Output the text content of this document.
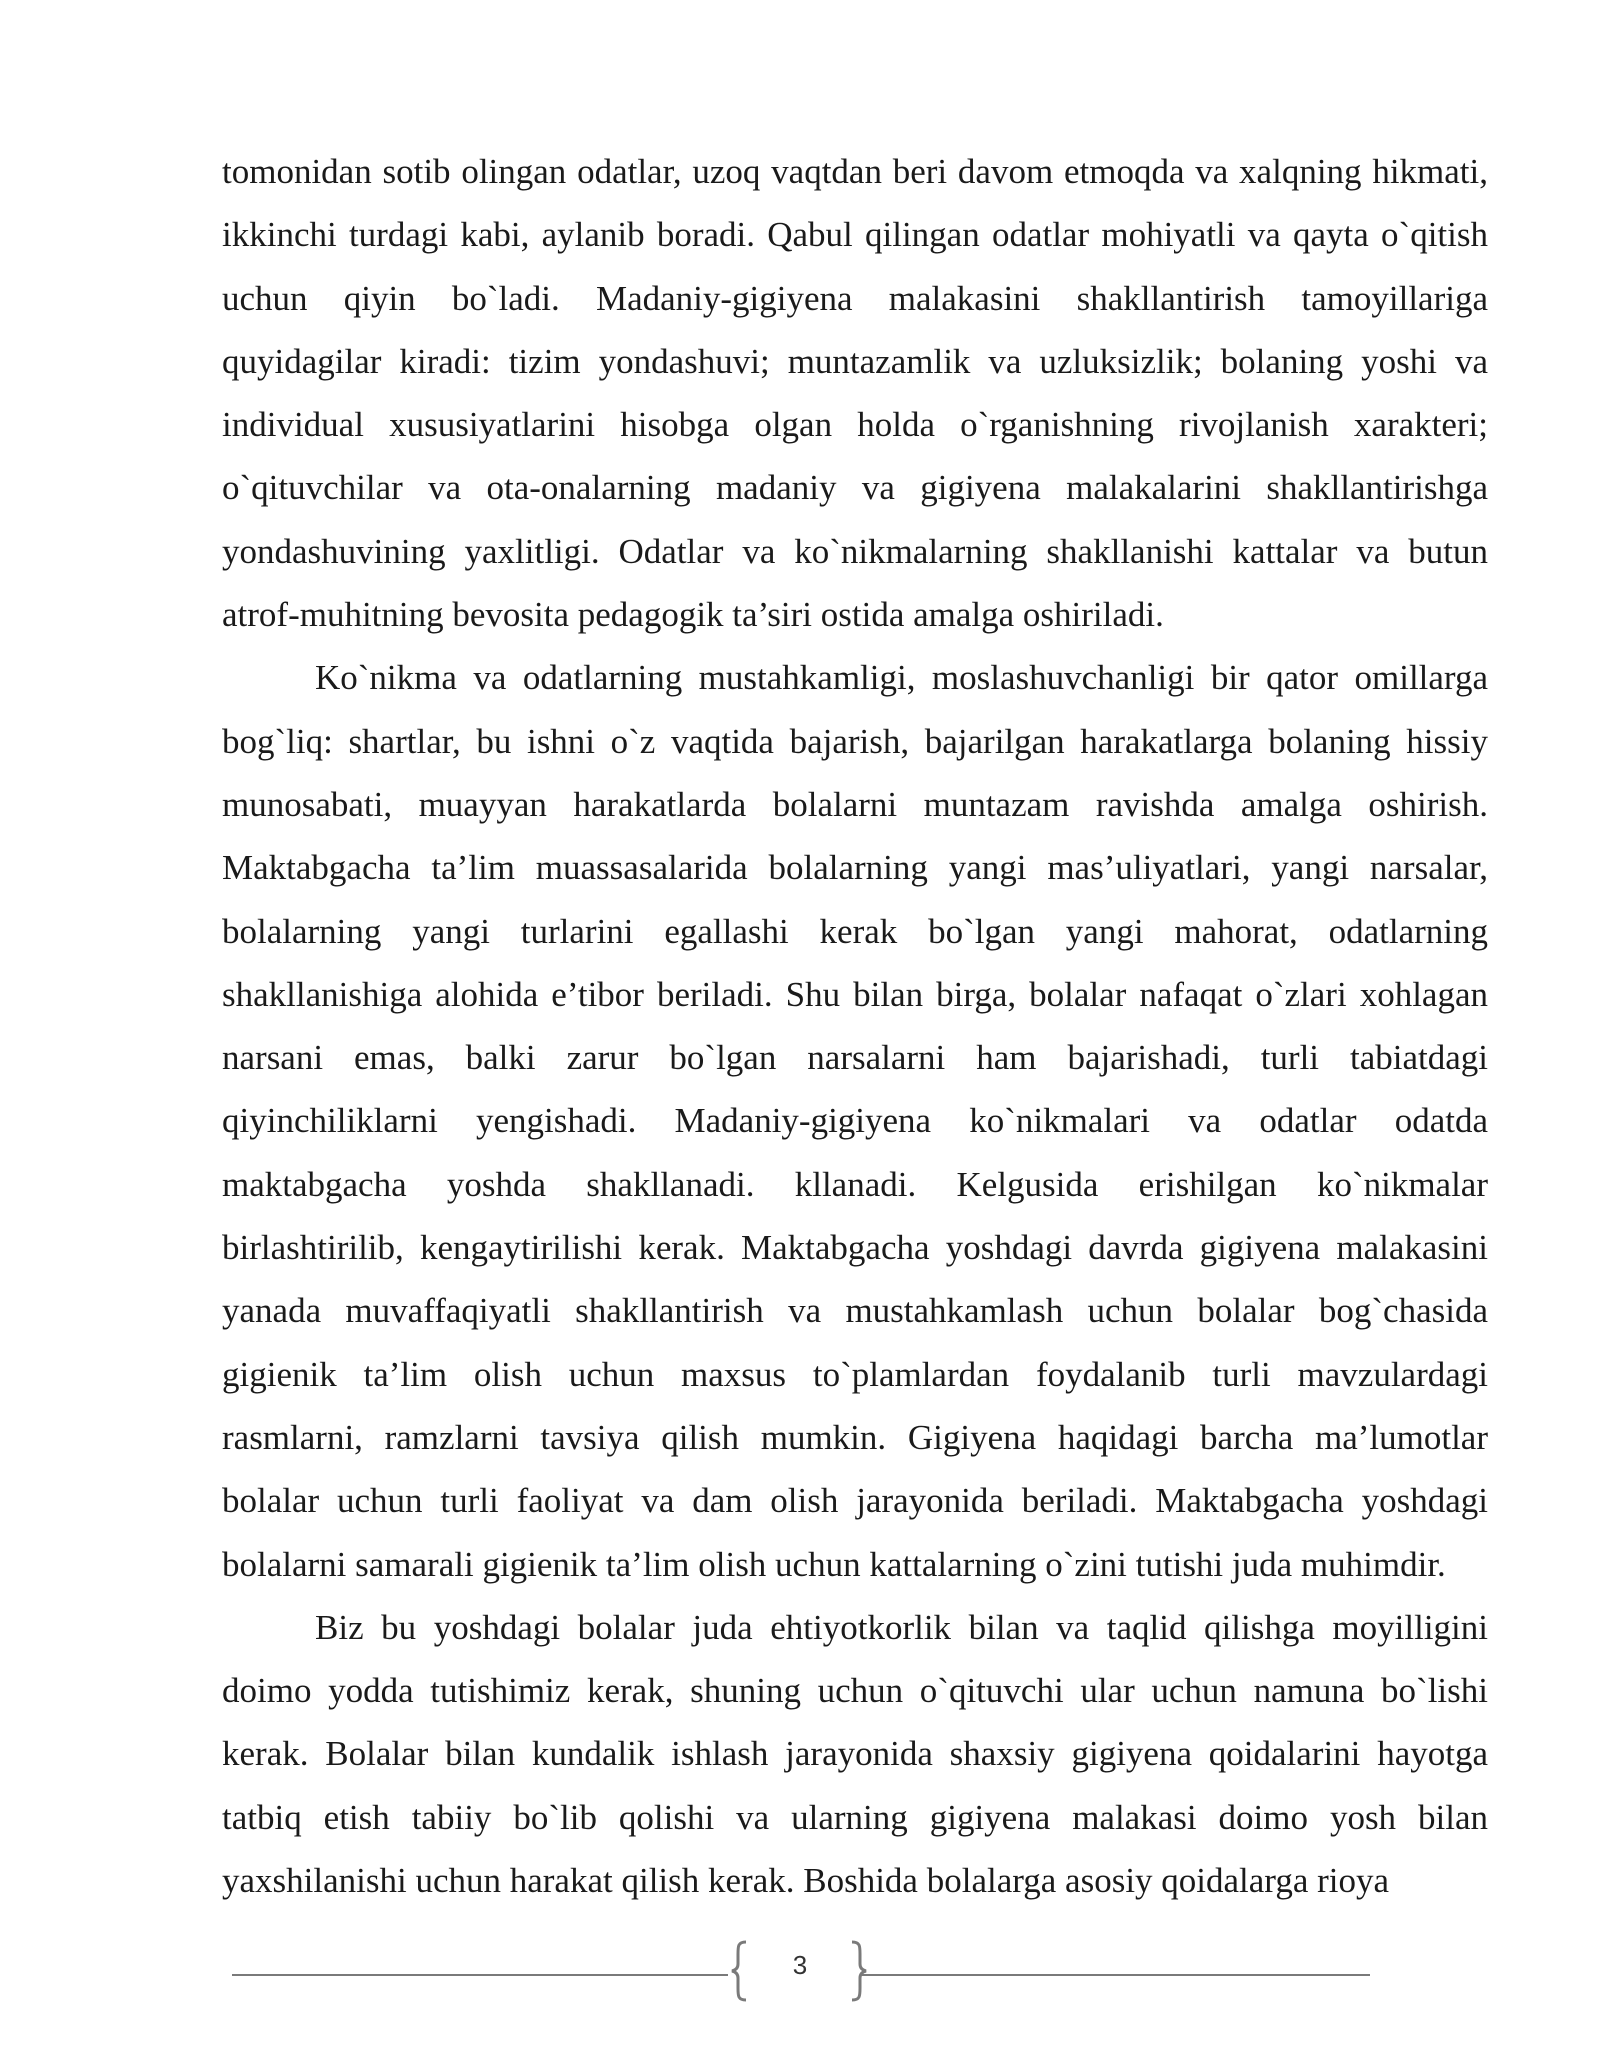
tomonidan sotib olingan odatlar, uzoq vaqtdan beri davom etmoqda va xalqning hikmati, ikkinchi turdagi kabi, aylanib boradi. Qabul qilingan odatlar mohiyatli va qayta o`qitish uchun qiyin bo`ladi. Madaniy-gigiyena malakasini shakllantirish tamoyillariga quyidagilar kiradi: tizim yondashuvi; muntazamlik va uzluksizlik; bolaning yoshi va individual xususiyatlarini hisobga olgan holda o`rganishning rivojlanish xarakteri; o`qituvchilar va ota-onalarning madaniy va gigiyena malakalarini shakllantirishga yondashuvining yaxlitligi. Odatlar va ko`nikmalarning shakllanishi kattalar va butun atrof-muhitning bevosita pedagogik ta’siri ostida amalga oshiriladi.

Ko`nikma va odatlarning mustahkamligi, moslashuvchanligi bir qator omillarga bog`liq: shartlar, bu ishni o`z vaqtida bajarish, bajarilgan harakatlarga bolaning hissiy munosabati, muayyan harakatlarda bolalarni muntazam ravishda amalga oshirish. Maktabgacha ta’lim muassasalarida bolalarning yangi mas’uliyatlari, yangi narsalar, bolalarning yangi turlarini egallashi kerak bo`lgan yangi mahorat, odatlarning shakllanishiga alohida e’tibor beriladi. Shu bilan birga, bolalar nafaqat o`zlari xohlagan narsani emas, balki zarur bo`lgan narsalarni ham bajarishadi, turli tabiatdagi qiyinchiliklarni yengishadi. Madaniy-gigiyena ko`nikmalari va odatlar odatda maktabgacha yoshda shakllanadi. kllanadi. Kelgusida erishilgan ko`nikmalar birlashtirilib, kengaytirilishi kerak. Maktabgacha yoshdagi davrda gigiyena malakasini yanada muvaffaqiyatli shakllantirish va mustahkamlash uchun bolalar bog`chasida gigienik ta’lim olish uchun maxsus to`plamlardan foydalanib turli mavzulardagi rasmlarni, ramzlarni tavsiya qilish mumkin. Gigiyena haqidagi barcha ma’lumotlar bolalar uchun turli faoliyat va dam olish jarayonida beriladi. Maktabgacha yoshdagi bolalarni samarali gigienik ta’lim olish uchun kattalarning o`zini tutishi juda muhimdir.

Biz bu yoshdagi bolalar juda ehtiyotkorlik bilan va taqlid qilishga moyilligini doimo yodda tutishimiz kerak, shuning uchun o`qituvchi ular uchun namuna bo`lishi kerak. Bolalar bilan kundalik ishlash jarayonida shaxsiy gigiyena qoidalarini hayotga tatbiq etish tabiiy bo`lib qolishi va ularning gigiyena malakasi doimo yosh bilan yaxshilanishi uchun harakat qilish kerak. Boshida bolalarga asosiy qoidalarga rioya

3
